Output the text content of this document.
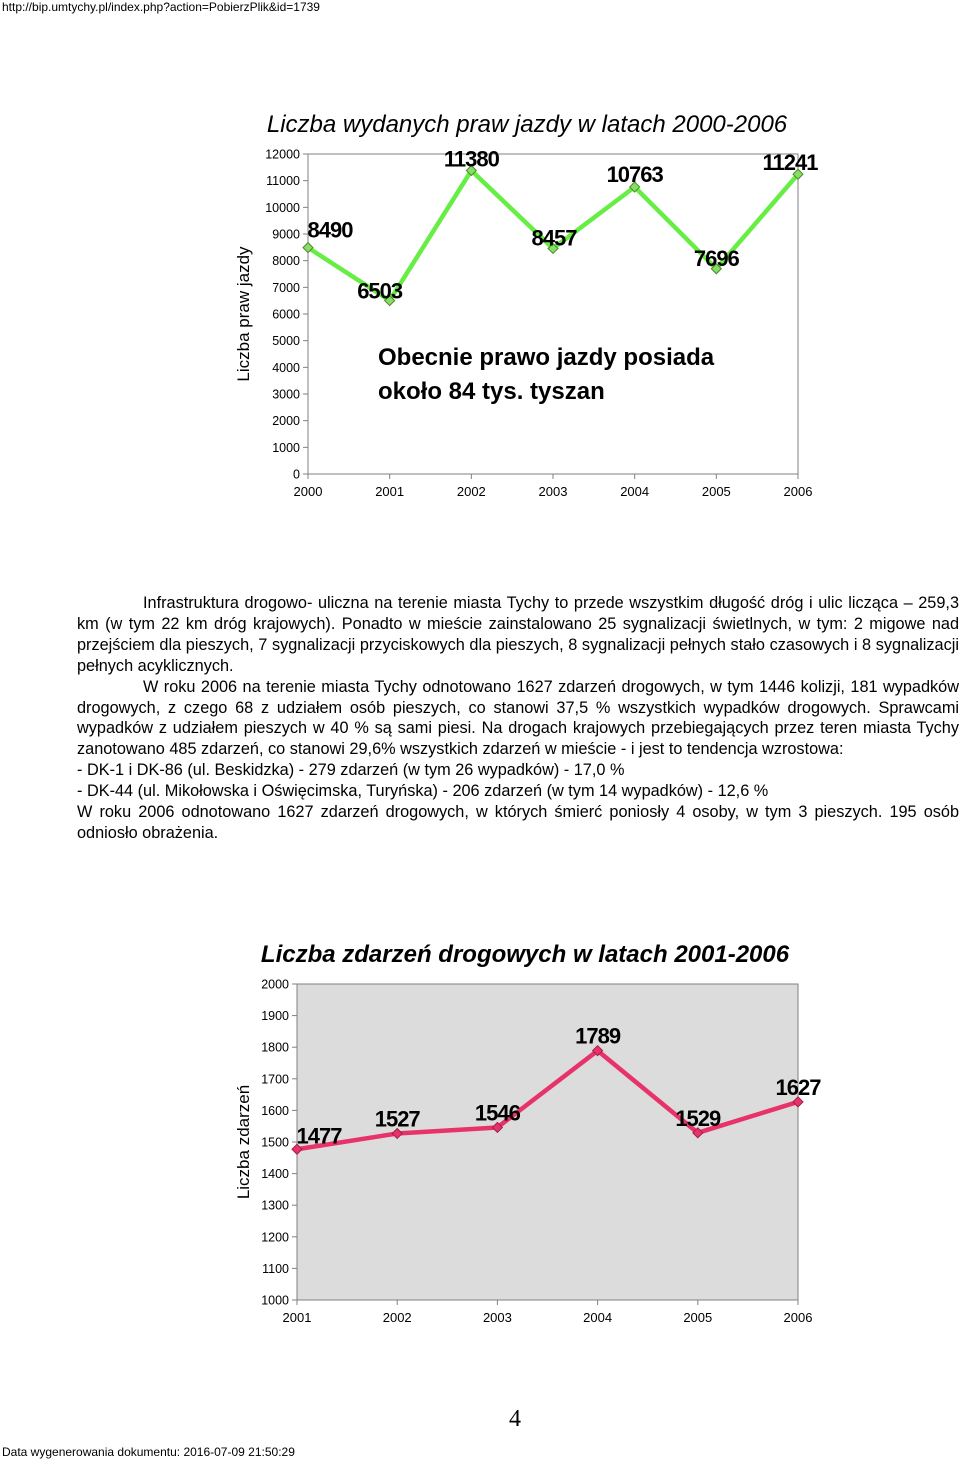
http://bip.umtychy.pl/index.php?action=PobierzPlik&id=1739
Liczba wydanych praw jazdy w latach 2000-2006
Liczba praw jazdy
0
1000
2000
3000
4000
5000
6000
7000
8000
9000
10000
11000
12000
2000	2001	2002	2003	2004	2005	2006
8490
6503
11380
8457
10763
7696
11241
Obecnie prawo jazdy posiada
około 84 tys. tyszan

Infrastruktura drogowo- uliczna na terenie miasta Tychy to przede wszystkim długość dróg i ulic licząca – 259,3 km (w tym 22 km dróg krajowych). Ponadto w mieście zainstalowano 25 sygnalizacji świetlnych, w tym: 2 migowe nad przejściem dla pieszych, 7 sygnalizacji przyciskowych dla pieszych, 8 sygnalizacji pełnych stało czasowych i 8 sygnalizacji pełnych acyklicznych.

W roku 2006 na terenie miasta Tychy odnotowano 1627 zdarzeń drogowych, w tym 1446 kolizji, 181 wypadków drogowych, z czego 68 z udziałem osób pieszych, co stanowi 37,5 % wszystkich wypadków drogowych. Sprawcami wypadków z udziałem pieszych w 40 % są sami piesi. Na drogach krajowych przebiegających przez teren miasta Tychy zanotowano 485 zdarzeń, co stanowi 29,6% wszystkich zdarzeń w mieście - i jest to tendencja wzrostowa:

- DK-1 i DK-86 (ul. Beskidzka) - 279 zdarzeń (w tym 26 wypadków) - 17,0 %

- DK-44 (ul. Mikołowska i Oświęcimska, Turyńska) - 206 zdarzeń (w tym 14 wypadków) - 12,6 %

W roku 2006 odnotowano 1627 zdarzeń drogowych, w których śmierć poniosły 4 osoby, w tym 3 pieszych. 195 osób odniosło obrażenia.

Liczba zdarzeń drogowych w latach 2001-2006
Liczba zdarzeń
1000
1100
1200
1300
1400
1500
1600
1700
1800
1900
2000
2001	2002	2003	2004	2005	2006
1477
1527	1546
1789
1529
1627
4
Data wygenerowania dokumentu: 2016-07-09 21:50:29
